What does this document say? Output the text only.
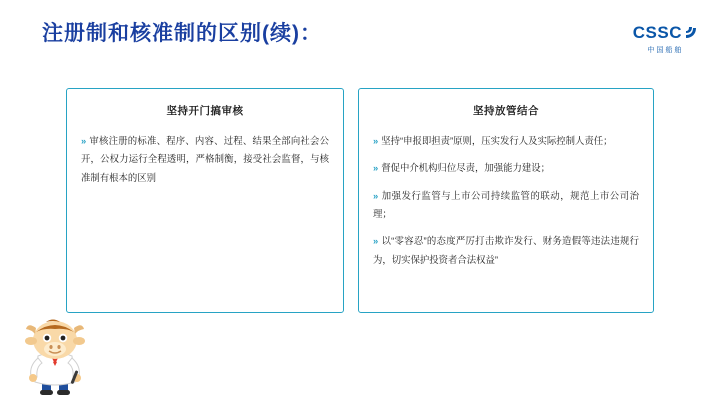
注册制和核准制的区别(续)：	CSSC
中国船舶
坚持开门搞审核

» 审核注册的标准、程序、内容、过程、结果全部向社会公开，公权力运行全程透明，严格制衡，接受社会监督，与核准制有根本的区别

坚持放管结合

» 坚持“申报即担责”原则，压实发行人及实际控制人责任；

» 督促中介机构归位尽责，加强能力建设；

» 加强发行监管与上市公司持续监管的联动，规范上市公司治理；

» 以“零容忍”的态度严厉打击欺诈发行、财务造假等违法违规行为，切实保护投资者合法权益”
